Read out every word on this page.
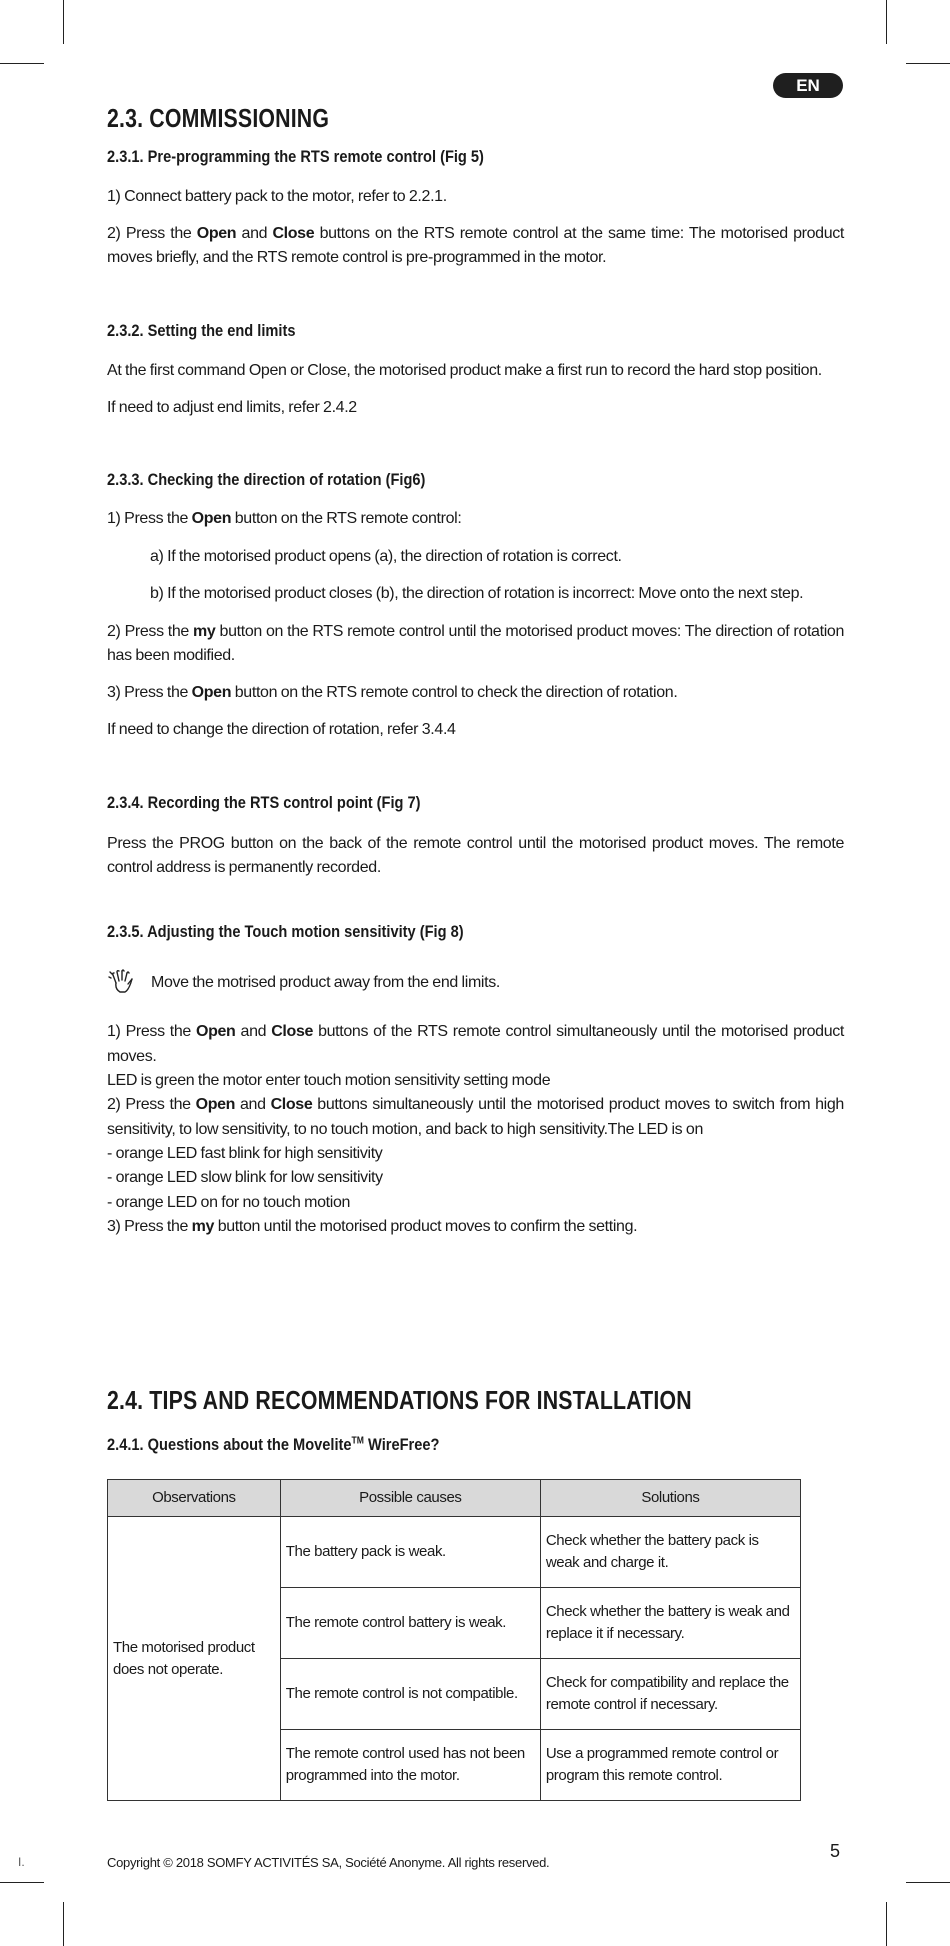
EN
2.3. COMMISSIONING
2.3.1. Pre-programming the RTS remote control (Fig 5)
1) Connect battery pack to the motor, refer to 2.2.1.
2) Press the Open and Close buttons on the RTS remote control at the same time: The motorised product moves briefly, and the RTS remote control is pre-programmed in the motor.
2.3.2. Setting the end limits
At the first command Open or Close, the motorised product make a first run to record the hard stop position.
If need to adjust end limits, refer 2.4.2
2.3.3. Checking the direction of rotation (Fig6)
1) Press the Open button on the RTS remote control:
a) If the motorised product opens (a), the direction of rotation is correct.
b) If the motorised product closes (b), the direction of rotation is incorrect: Move onto the next step.
2) Press the my button on the RTS remote control until the motorised product moves: The direction of rotation has been modified.
3) Press the Open button on the RTS remote control to check the direction of rotation.
If need to change the direction of rotation, refer 3.4.4
2.3.4. Recording the RTS control point (Fig 7)
Press the PROG button on the back of the remote control until the motorised product moves. The remote control address is permanently recorded.
2.3.5. Adjusting the Touch motion sensitivity (Fig 8)
Move the motrised product away from the end limits.
1) Press the Open and Close buttons of the RTS remote control simultaneously until the motorised product moves.
LED is green the motor enter touch motion sensitivity setting mode
2) Press the Open and Close buttons simultaneously until the motorised product moves to switch from high sensitivity, to low sensitivity, to no touch motion, and back to high sensitivity.The LED is on
- orange LED fast blink for high sensitivity
- orange LED slow blink for low sensitivity
- orange LED on for no touch motion
3) Press the my button until the motorised product moves to confirm the setting.
2.4. TIPS AND RECOMMENDATIONS FOR INSTALLATION
2.4.1. Questions about the Movelite™ WireFree?
Observations	Possible causes	Solutions
The motorised product does not operate.	The battery pack is weak.	Check whether the battery pack is weak and charge it.
	The remote control battery is weak.	Check whether the battery is weak and replace it if necessary.
	The remote control is not compatible.	Check for compatibility and replace the remote control if necessary.
	The remote control used has not been programmed into the motor.	Use a programmed remote control or program this remote control.
5
Copyright © 2018 SOMFY ACTIVITÉS SA, Société Anonyme. All rights reserved.
I.
